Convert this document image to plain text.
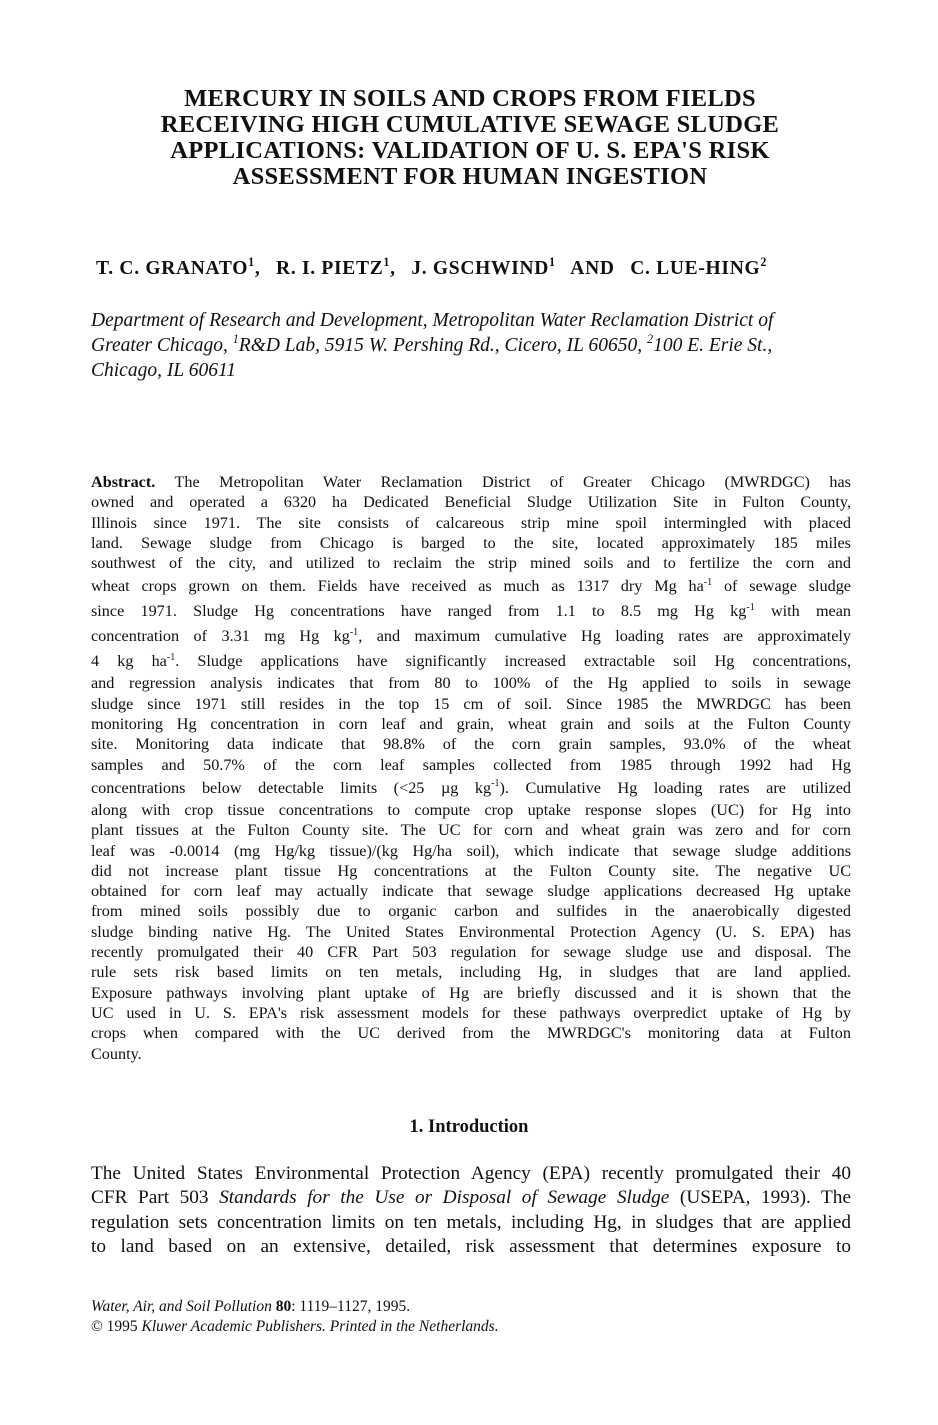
MERCURY IN SOILS AND CROPS FROM FIELDS
RECEIVING HIGH CUMULATIVE SEWAGE SLUDGE
APPLICATIONS: VALIDATION OF U. S. EPA'S RISK
ASSESSMENT FOR HUMAN INGESTION
T. C. GRANATO$^1$, R. I. PIETZ$^1$, J. GSCHWIND$^1$ AND C. LUE-HING$^2$
Department of Research and Development, Metropolitan Water Reclamation District of
Greater Chicago, $^1$R&D Lab, 5915 W. Pershing Rd., Cicero, IL 60650, $^2$100 E. Erie St.,
Chicago, IL 60611
Abstract. The Metropolitan Water Reclamation District of Greater Chicago (MWRDGC) has
owned and operated a 6320 ha Dedicated Beneficial Sludge Utilization Site in Fulton County,
Illinois since 1971. The site consists of calcareous strip mine spoil intermingled with placed
land. Sewage sludge from Chicago is barged to the site, located approximately 185 miles
southwest of the city, and utilized to reclaim the strip mined soils and to fertilize the corn and
wheat crops grown on them. Fields have received as much as 1317 dry Mg $ha^{-1}$ of sewage sludge
since 1971. Sludge Hg concentrations have ranged from 1.1 to 8.5 mg Hg $kg^{-1}$ with mean
concentration of 3.31 mg Hg $kg^{-1}$, and maximum cumulative Hg loading rates are approximately
4 kg $ha^{-1}$. Sludge applications have significantly increased extractable soil Hg concentrations,
and regression analysis indicates that from 80 to 100% of the Hg applied to soils in sewage
sludge since 1971 still resides in the top 15 cm of soil. Since 1985 the MWRDGC has been
monitoring Hg concentration in corn leaf and grain, wheat grain and soils at the Fulton County
site. Monitoring data indicate that 98.8% of the corn grain samples, 93.0% of the wheat
samples and 50.7% of the corn leaf samples collected from 1985 through 1992 had Hg
concentrations below detectable limits (<25 µg $kg^{-1}$). Cumulative Hg loading rates are utilized
along with crop tissue concentrations to compute crop uptake response slopes (UC) for Hg into
plant tissues at the Fulton County site. The UC for corn and wheat grain was zero and for corn
leaf was -0.0014 (mg Hg/kg tissue)/(kg Hg/ha soil), which indicate that sewage sludge additions
did not increase plant tissue Hg concentrations at the Fulton County site. The negative UC
obtained for corn leaf may actually indicate that sewage sludge applications decreased Hg uptake
from mined soils possibly due to organic carbon and sulfides in the anaerobically digested
sludge binding native Hg. The United States Environmental Protection Agency (U. S. EPA) has
recently promulgated their 40 CFR Part 503 regulation for sewage sludge use and disposal. The
rule sets risk based limits on ten metals, including Hg, in sludges that are land applied.
Exposure pathways involving plant uptake of Hg are briefly discussed and it is shown that the
UC used in U. S. EPA's risk assessment models for these pathways overpredict uptake of Hg by
crops when compared with the UC derived from the MWRDGC's monitoring data at Fulton
County.
1. Introduction
The United States Environmental Protection Agency (EPA) recently promulgated their 40
CFR Part 503 Standards for the Use or Disposal of Sewage Sludge (USEPA, 1993). The
regulation sets concentration limits on ten metals, including Hg, in sludges that are applied
to land based on an extensive, detailed, risk assessment that determines exposure to
Water, Air, and Soil Pollution 80: 1119–1127, 1995.
© 1995 Kluwer Academic Publishers. Printed in the Netherlands.
